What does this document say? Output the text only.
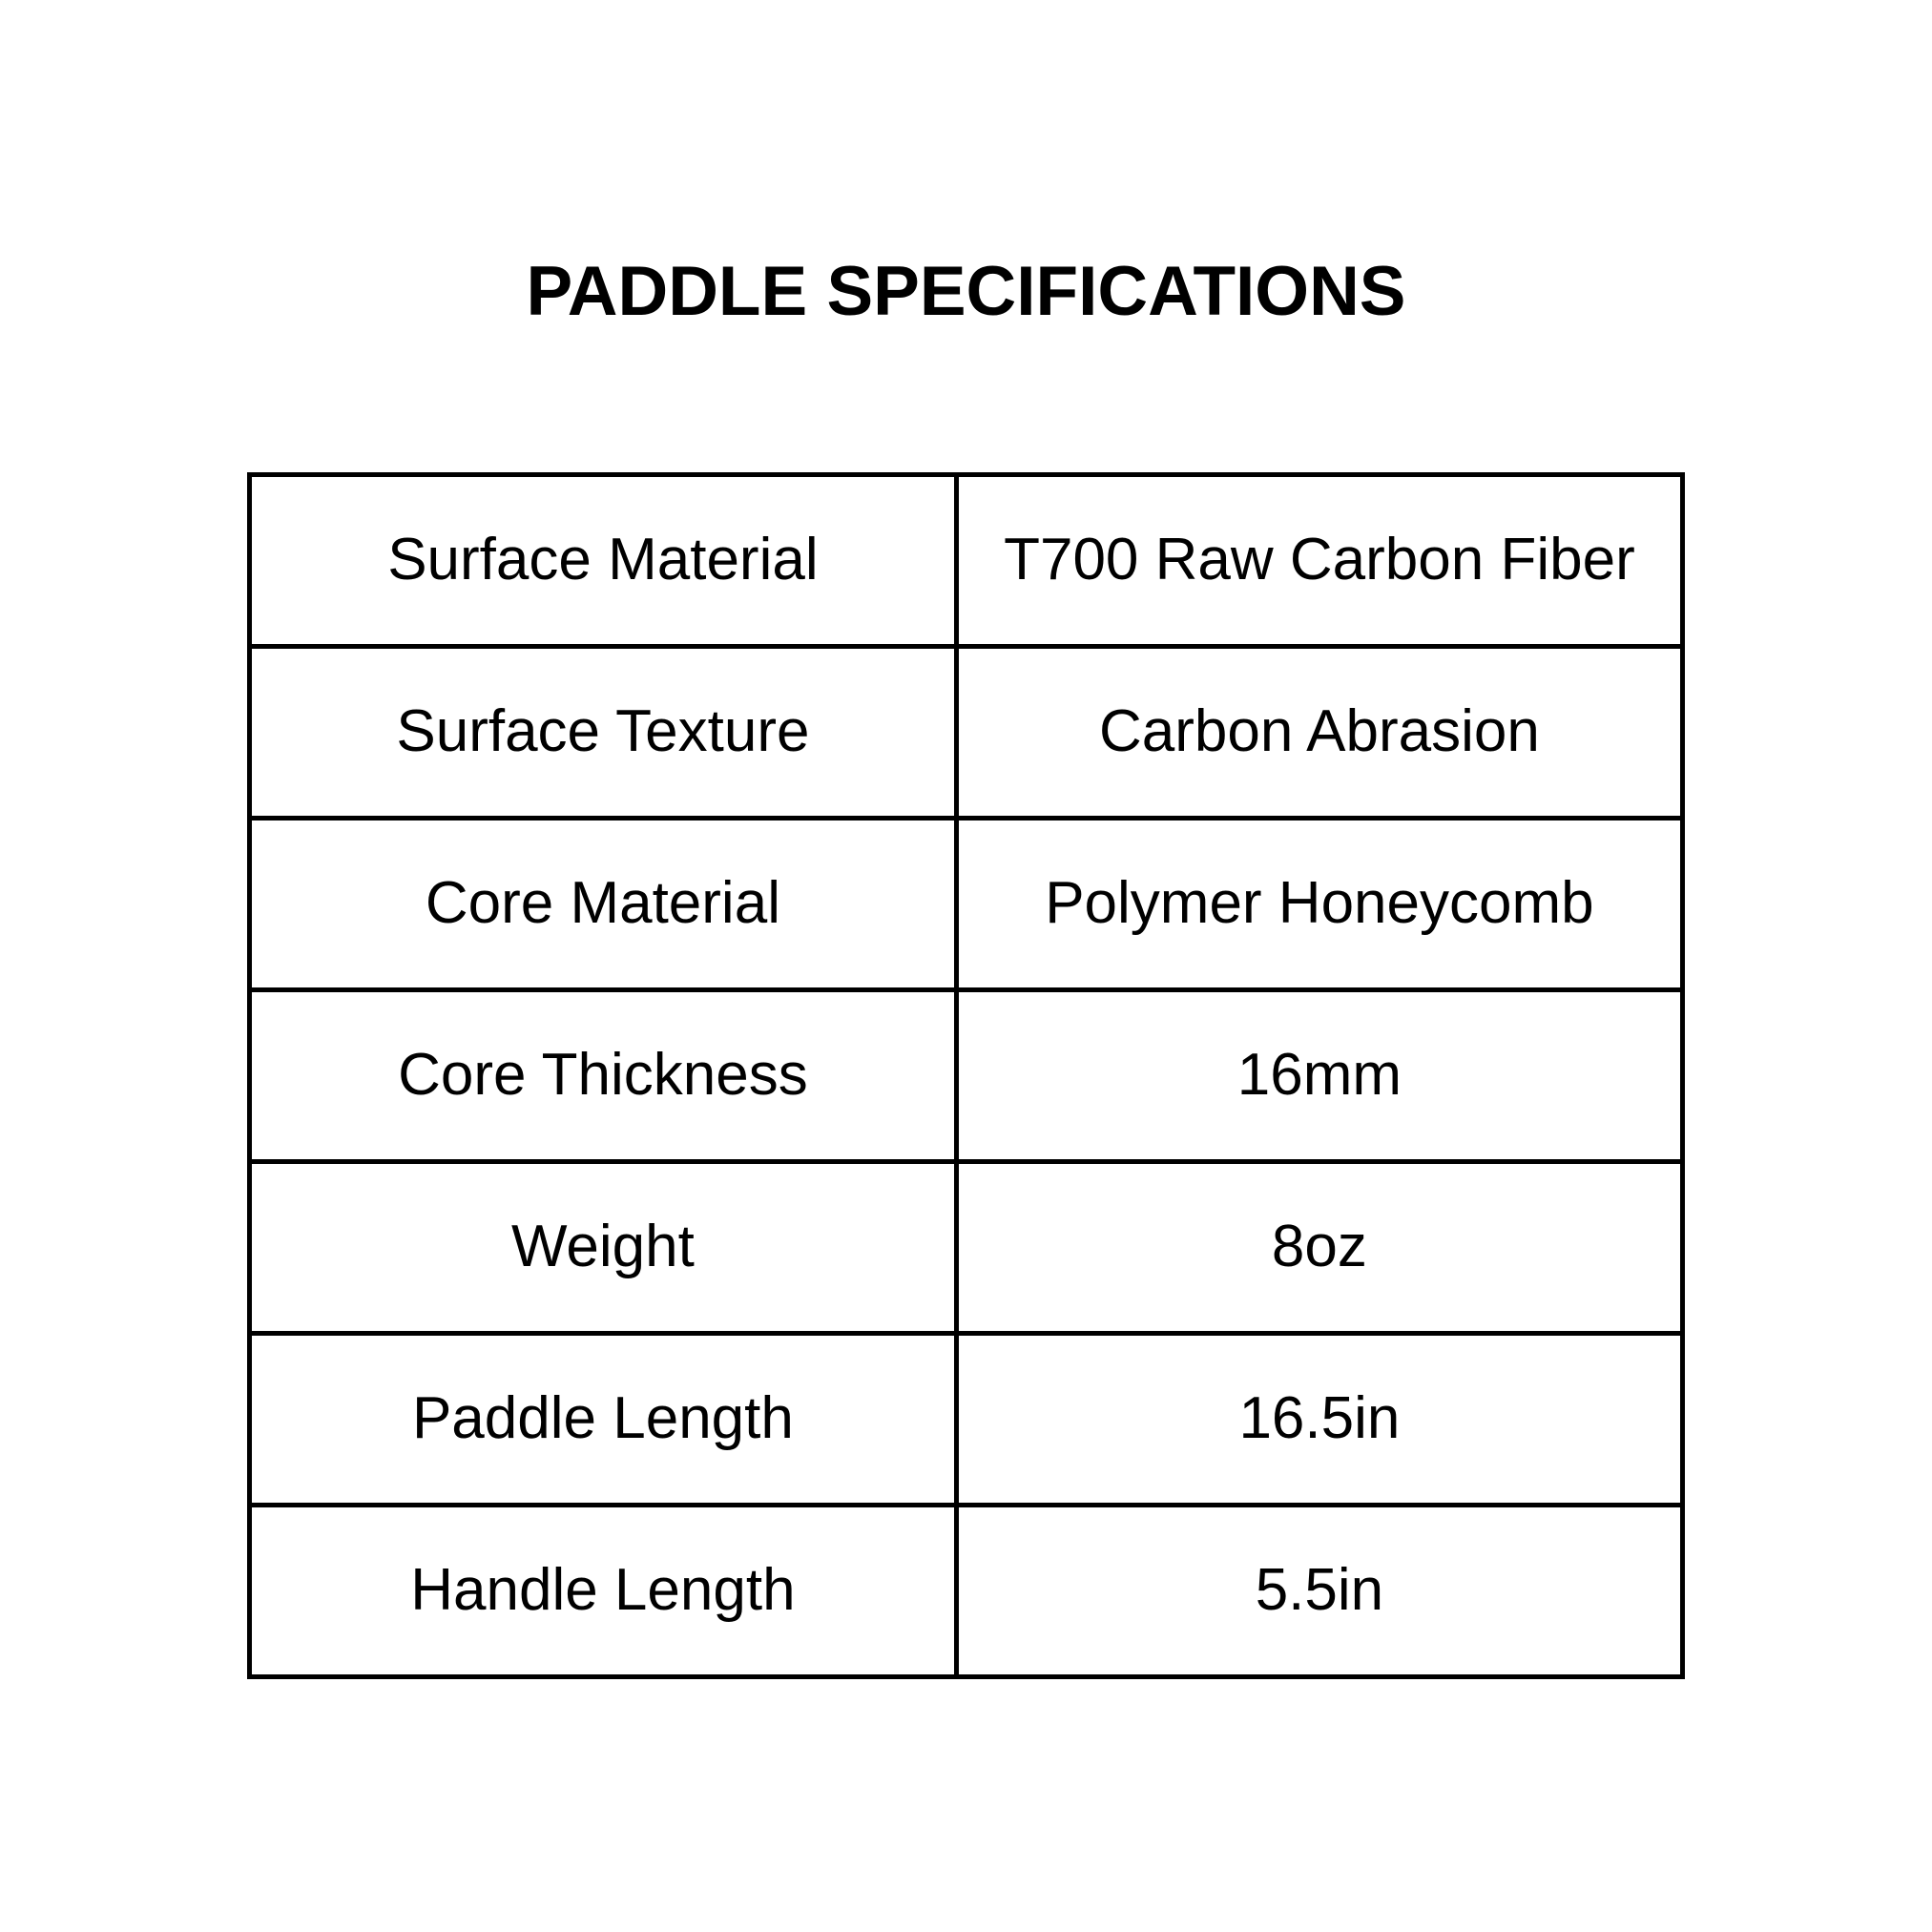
PADDLE SPECIFICATIONS
Surface Material	T700 Raw Carbon Fiber
Surface Texture	Carbon Abrasion
Core Material	Polymer Honeycomb
Core Thickness	16mm
Weight	8oz
Paddle Length	16.5in
Handle Length	5.5in
